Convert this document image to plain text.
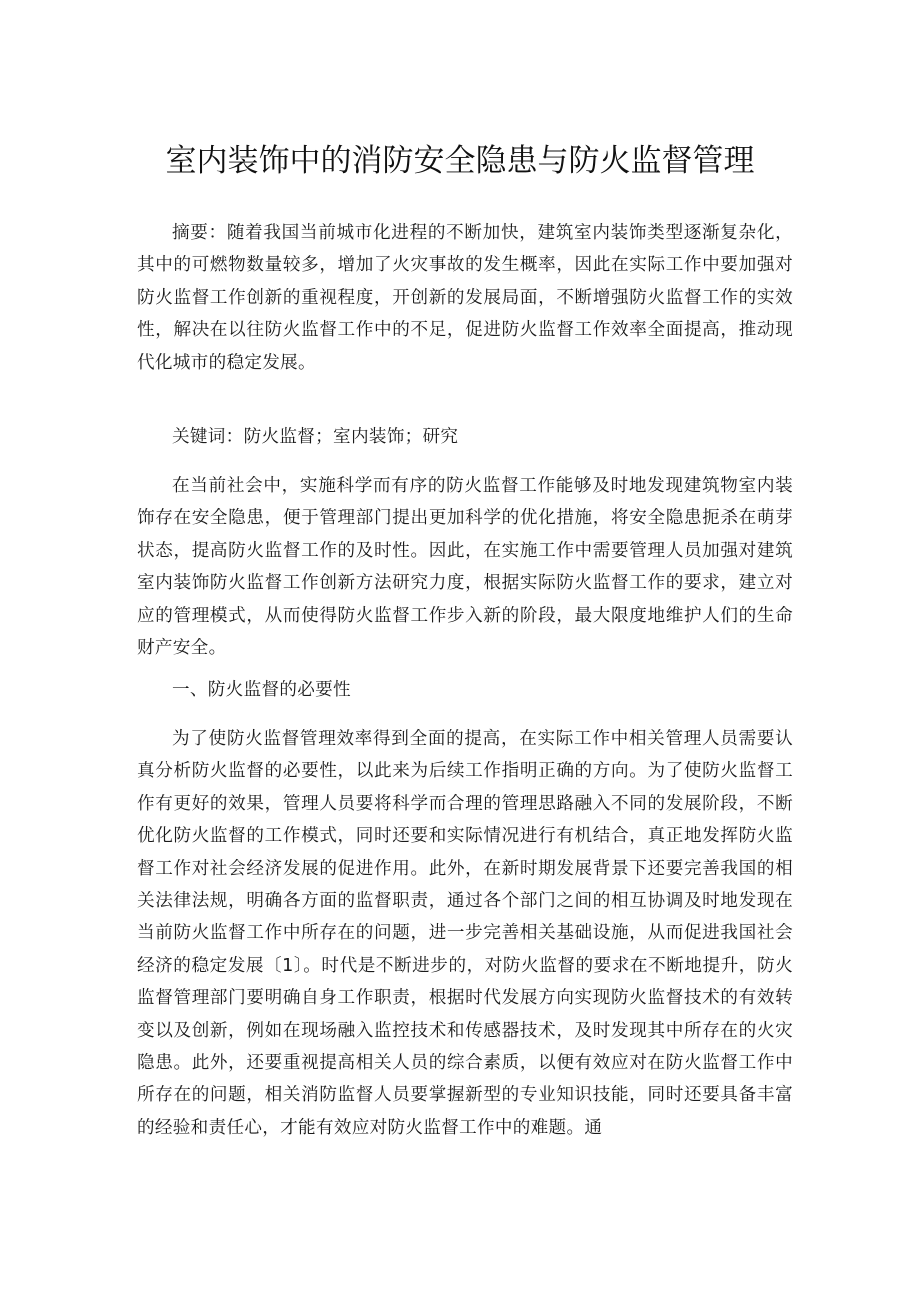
室内装饰中的消防安全隐患与防火监督管理

摘要：随着我国当前城市化进程的不断加快，建筑室内装饰类型逐渐复杂化，其中的可燃物数量较多，增加了火灾事故的发生概率，因此在实际工作中要加强对防火监督工作创新的重视程度，开创新的发展局面，不断增强防火监督工作的实效性，解决在以往防火监督工作中的不足，促进防火监督工作效率全面提高，推动现代化城市的稳定发展。

关键词：防火监督；室内装饰；研究

在当前社会中，实施科学而有序的防火监督工作能够及时地发现建筑物室内装饰存在安全隐患，便于管理部门提出更加科学的优化措施，将安全隐患扼杀在萌芽状态，提高防火监督工作的及时性。因此，在实施工作中需要管理人员加强对建筑室内装饰防火监督工作创新方法研究力度，根据实际防火监督工作的要求，建立对应的管理模式，从而使得防火监督工作步入新的阶段，最大限度地维护人们的生命财产安全。

一、防火监督的必要性

为了使防火监督管理效率得到全面的提高，在实际工作中相关管理人员需要认真分析防火监督的必要性，以此来为后续工作指明正确的方向。为了使防火监督工作有更好的效果，管理人员要将科学而合理的管理思路融入不同的发展阶段，不断优化防火监督的工作模式，同时还要和实际情况进行有机结合，真正地发挥防火监督工作对社会经济发展的促进作用。此外，在新时期发展背景下还要完善我国的相关法律法规，明确各方面的监督职责，通过各个部门之间的相互协调及时地发现在当前防火监督工作中所存在的问题，进一步完善相关基础设施，从而促进我国社会经济的稳定发展〔1〕。时代是不断进步的，对防火监督的要求在不断地提升，防火监督管理部门要明确自身工作职责，根据时代发展方向实现防火监督技术的有效转变以及创新，例如在现场融入监控技术和传感器技术，及时发现其中所存在的火灾隐患。此外，还要重视提高相关人员的综合素质，以便有效应对在防火监督工作中所存在的问题，相关消防监督人员要掌握新型的专业知识技能，同时还要具备丰富的经验和责任心，才能有效应对防火监督工作中的难题。通
